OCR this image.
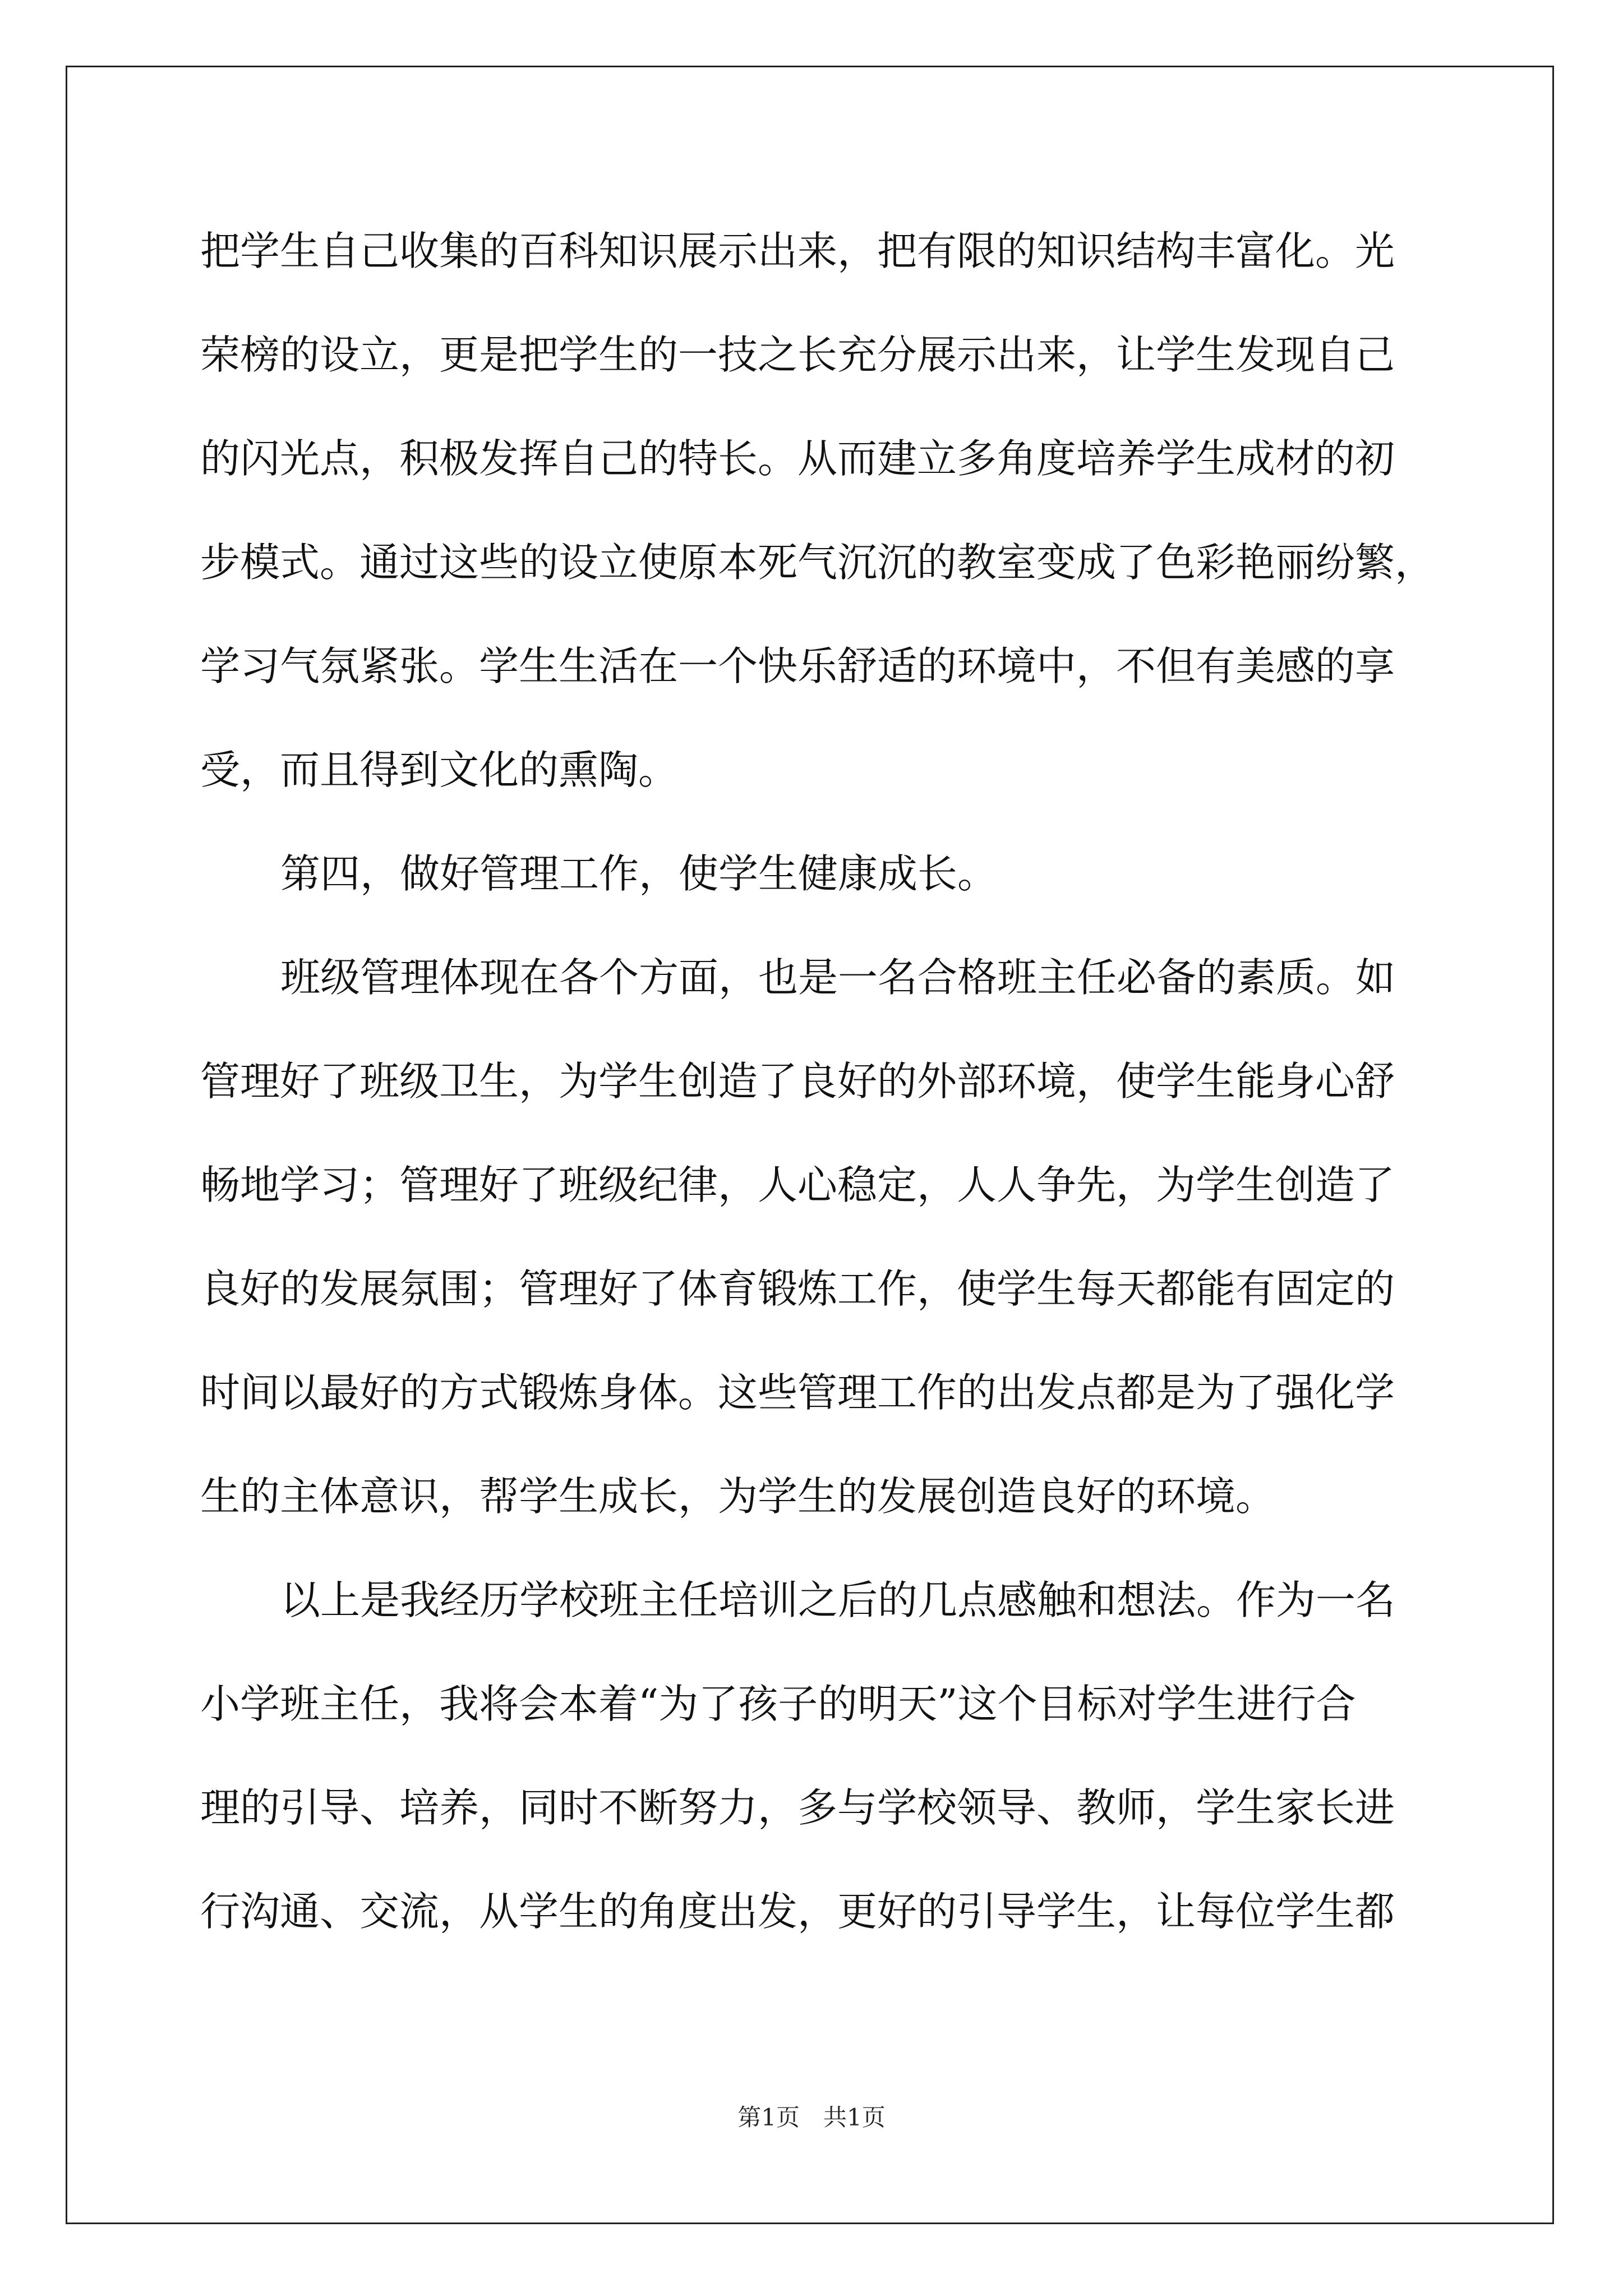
把学生自己收集的百科知识展示出来，把有限的知识结构丰富化。光

荣榜的设立，更是把学生的一技之长充分展示出来，让学生发现自己

的闪光点，积极发挥自己的特长。从而建立多角度培养学生成材的初

步模式。通过这些的设立使原本死气沉沉的教室变成了色彩艳丽纷繁，

学习气氛紧张。学生生活在一个快乐舒适的环境中，不但有美感的享

受，而且得到文化的熏陶。

第四，做好管理工作，使学生健康成长。

班级管理体现在各个方面，也是一名合格班主任必备的素质。如

管理好了班级卫生，为学生创造了良好的外部环境，使学生能身心舒

畅地学习；管理好了班级纪律，人心稳定，人人争先，为学生创造了

良好的发展氛围；管理好了体育锻炼工作，使学生每天都能有固定的

时间以最好的方式锻炼身体。这些管理工作的出发点都是为了强化学

生的主体意识，帮学生成长，为学生的发展创造良好的环境。

以上是我经历学校班主任培训之后的几点感触和想法。作为一名

小学班主任，我将会本着“为了孩子的明天”这个目标对学生进行合

理的引导、培养，同时不断努力，多与学校领导、教师，学生家长进

行沟通、交流，从学生的角度出发，更好的引导学生，让每位学生都

第1页　共1页
